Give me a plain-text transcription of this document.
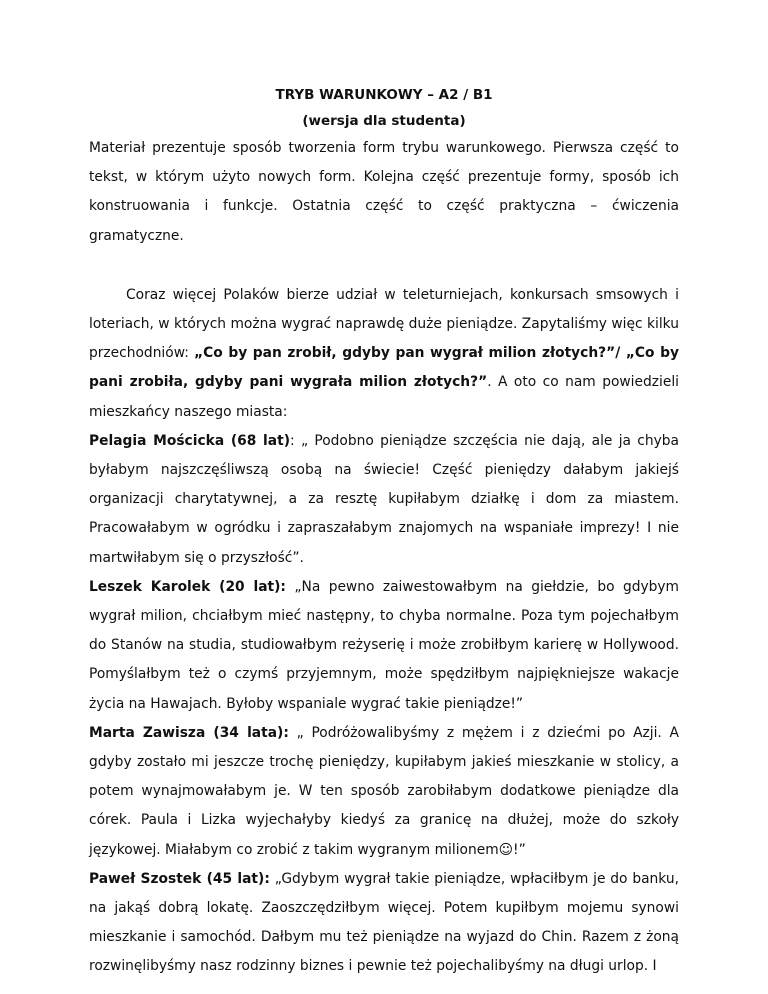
TRYB WARUNKOWY – A2 / B1

(wersja dla studenta)

Materiał prezentuje sposób tworzenia form trybu warunkowego. Pierwsza część to tekst, w którym użyto nowych form. Kolejna część prezentuje formy, sposób ich konstruowania i funkcje. Ostatnia część to część praktyczna – ćwiczenia gramatyczne.

Coraz więcej Polaków bierze udział w teleturniejach, konkursach smsowych i loteriach, w których można wygrać naprawdę duże pieniądze. Zapytaliśmy więc kilku przechodniów: „Co by pan zrobił, gdyby pan wygrał milion złotych?”/ „Co by pani zrobiła, gdyby pani wygrała milion złotych?”. A oto co nam powiedzieli mieszkańcy naszego miasta:

Pelagia Mościcka (68 lat): „ Podobno pieniądze szczęścia nie dają, ale ja chyba byłabym najszczęśliwszą osobą na świecie! Część pieniędzy dałabym jakiejś organizacji charytatywnej, a za resztę kupiłabym działkę i dom za miastem. Pracowałabym w ogródku i zapraszałabym znajomych na wspaniałe imprezy! I nie martwiłabym się o przyszłość”.

Leszek Karolek (20 lat): „Na pewno zaiwestowałbym na giełdzie, bo gdybym wygrał milion, chciałbym mieć następny, to chyba normalne. Poza tym pojechałbym do Stanów na studia, studiowałbym reżyserię i może zrobiłbym karierę w Hollywood. Pomyślałbym też o czymś przyjemnym, może spędziłbym najpiękniejsze wakacje życia na Hawajach. Byłoby wspaniale wygrać takie pieniądze!”

Marta Zawisza (34 lata): „ Podróżowalibyśmy z mężem i z dziećmi po Azji. A gdyby zostało mi jeszcze trochę pieniędzy, kupiłabym jakieś mieszkanie w stolicy, a potem wynajmowałabym je. W ten sposób zarobiłabym dodatkowe pieniądze dla córek. Paula i Lizka wyjechałyby kiedyś za granicę na dłużej, może do szkoły językowej. Miałabym co zrobić z takim wygranym milionem☺!”

Paweł Szostek (45 lat): „Gdybym wygrał takie pieniądze, wpłaciłbym je do banku, na jakąś dobrą lokatę. Zaoszczędziłbym więcej. Potem kupiłbym mojemu synowi mieszkanie i samochód. Dałbym mu też pieniądze na wyjazd do Chin. Razem z żoną rozwinęlibyśmy nasz rodzinny biznes i pewnie też pojechalibyśmy na długi urlop. I
